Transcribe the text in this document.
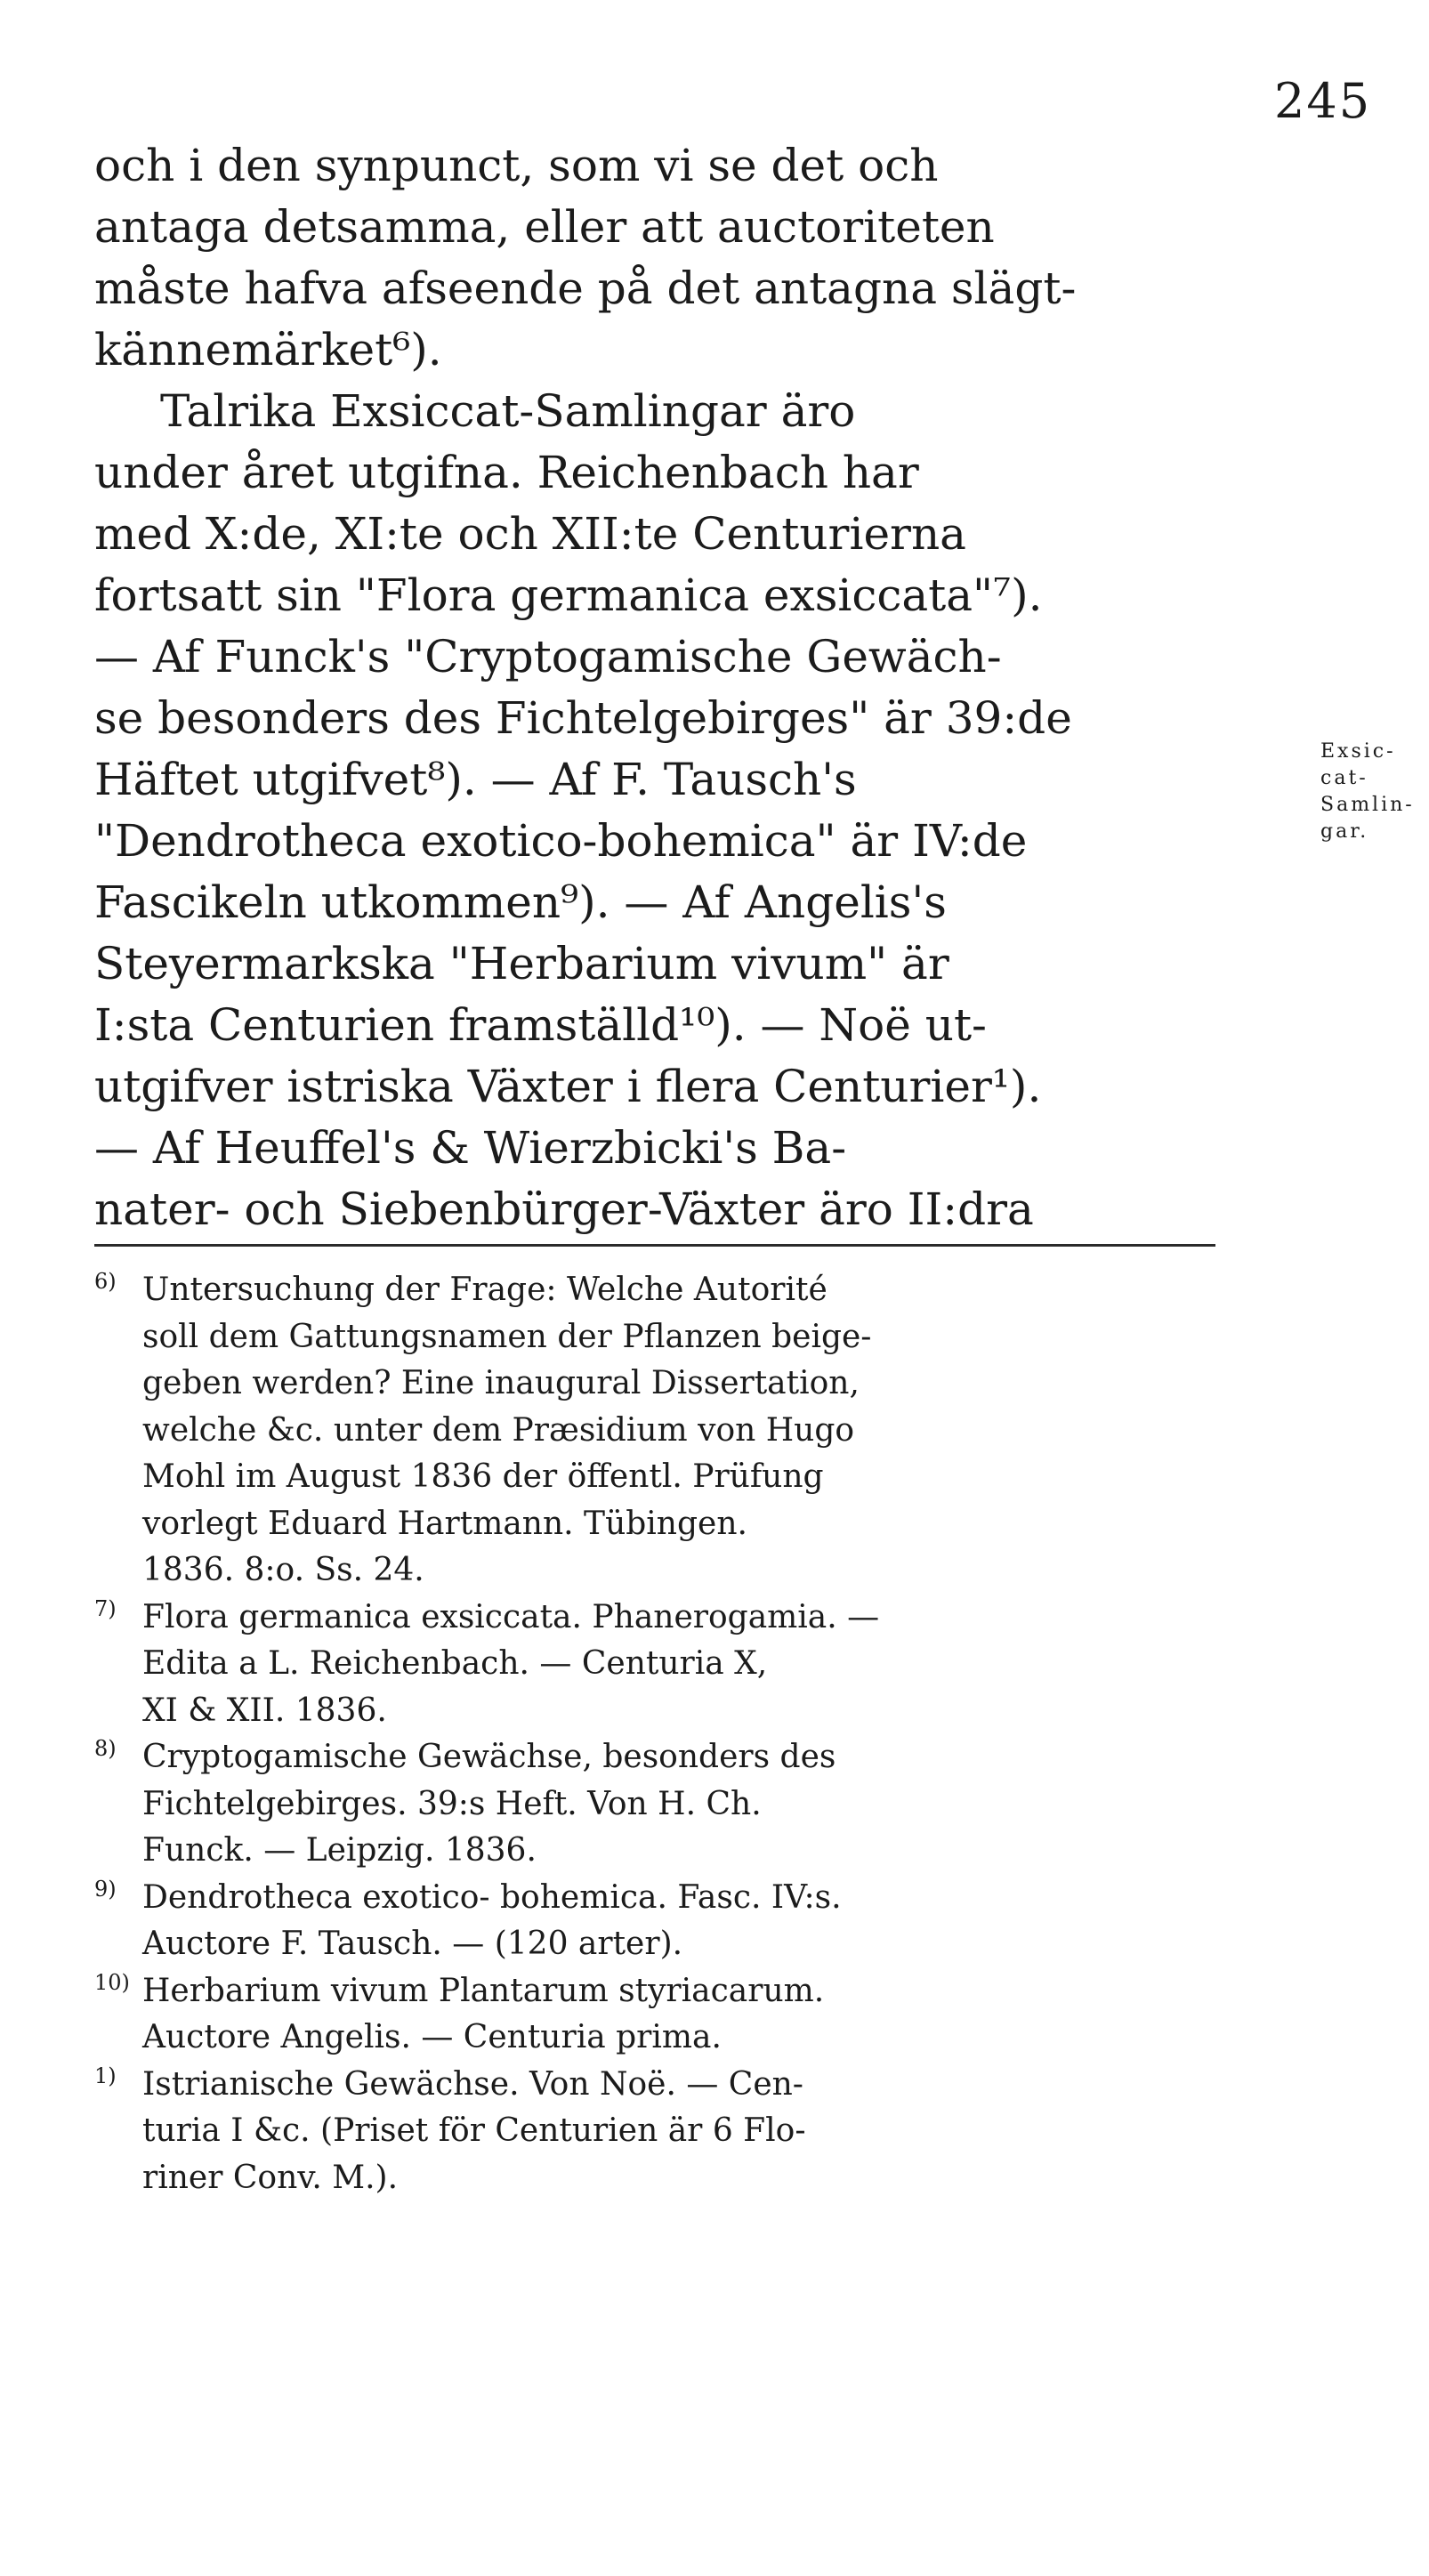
245
och i den synpunct, som vi se det och
antaga detsamma, eller att auctoriteten
måste hafva afseende på det antagna slägt-
kännemärket⁶).
Talrika Exsiccat-Samlingar äro
under året utgifna. Reichenbach har
med X:de, XI:te och XII:te Centurierna
fortsatt sin "Flora germanica exsiccata"⁷).
— Af Funck's "Cryptogamische Gewäch-
se besonders des Fichtelgebirges" är 39:de
Häftet utgifvet⁸). — Af F. Tausch's
"Dendrotheca exotico-bohemica" är IV:de
Fascikeln utkommen⁹). — Af Angelis's
Steyermarkska "Herbarium vivum" är
I:sta Centurien framställd¹⁰). — Noë ut-
utgifver istriska Växter i flera Centurier¹).
— Af Heuffel's & Wierzbicki's Ba-
nater- och Siebenbürger-Växter äro II:dra
Exsic-
cat-
Samlin-
gar.
6) Untersuchung der Frage: Welche Autorité
soll dem Gattungsnamen der Pflanzen beige-
geben werden? Eine inaugural Dissertation,
welche &c. unter dem Præsidium von Hugo
Mohl im August 1836 der öffentl. Prüfung
vorlegt Eduard Hartmann. Tübingen.
1836. 8:o. Ss. 24.
7) Flora germanica exsiccata. Phanerogamia. —
Edita a L. Reichenbach. — Centuria X,
XI & XII. 1836.
8) Cryptogamische Gewächse, besonders des
Fichtelgebirges. 39:s Heft. Von H. Ch.
Funck. — Leipzig. 1836.
9) Dendrotheca exotico- bohemica. Fasc. IV:s.
Auctore F. Tausch. — (120 arter).
10) Herbarium vivum Plantarum styriacarum.
Auctore Angelis. — Centuria prima.
1) Istrianische Gewächse. Von Noë. — Cen-
turia I &c. (Priset för Centurien är 6 Flo-
riner Conv. M.).
